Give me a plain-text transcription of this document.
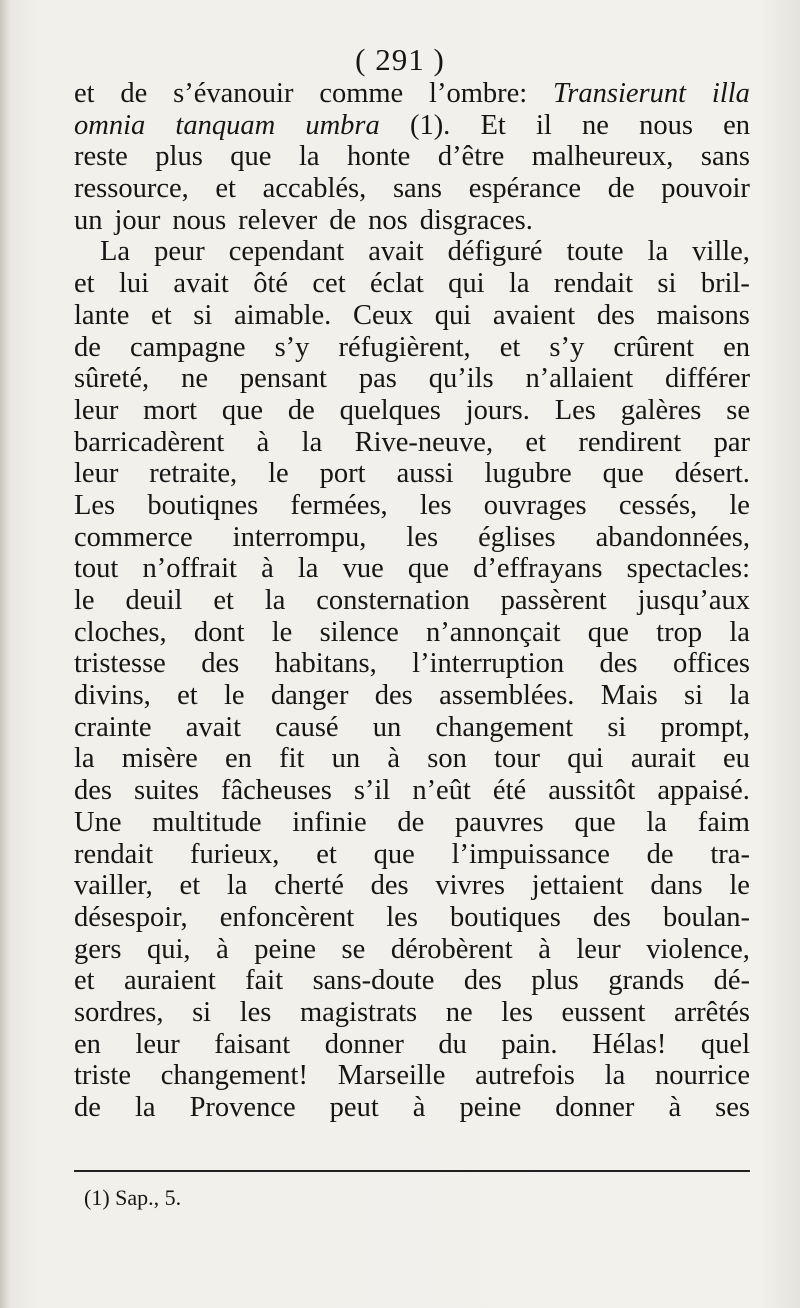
( 291 )
et de s’évanouir comme l’ombre: Transierunt illa
omnia tanquam umbra (1). Et il ne nous en
reste plus que la honte d’être malheureux, sans
ressource, et accablés, sans espérance de pouvoir
un jour nous relever de nos disgraces.
La peur cependant avait défiguré toute la ville,
et lui avait ôté cet éclat qui la rendait si bril-
lante et si aimable. Ceux qui avaient des maisons
de campagne s’y réfugièrent, et s’y crûrent en
sûreté, ne pensant pas qu’ils n’allaient différer
leur mort que de quelques jours. Les galères se
barricadèrent à la Rive-neuve, et rendirent par
leur retraite, le port aussi lugubre que désert.
Les boutiqnes fermées, les ouvrages cessés, le
commerce interrompu, les églises abandonnées,
tout n’offrait à la vue que d’effrayans spectacles:
le deuil et la consternation passèrent jusqu’aux
cloches, dont le silence n’annonçait que trop la
tristesse des habitans, l’interruption des offices
divins, et le danger des assemblées. Mais si la
crainte avait causé un changement si prompt,
la misère en fit un à son tour qui aurait eu
des suites fâcheuses s’il n’eût été aussitôt appaisé.
Une multitude infinie de pauvres que la faim
rendait furieux, et que l’impuissance de tra-
vailler, et la cherté des vivres jettaient dans le
désespoir, enfoncèrent les boutiques des boulan-
gers qui, à peine se dérobèrent à leur violence,
et auraient fait sans-doute des plus grands dé-
sordres, si les magistrats ne les eussent arrêtés
en leur faisant donner du pain. Hélas! quel
triste changement! Marseille autrefois la nourrice
de la Provence peut à peine donner à ses
(1) Sap., 5.
